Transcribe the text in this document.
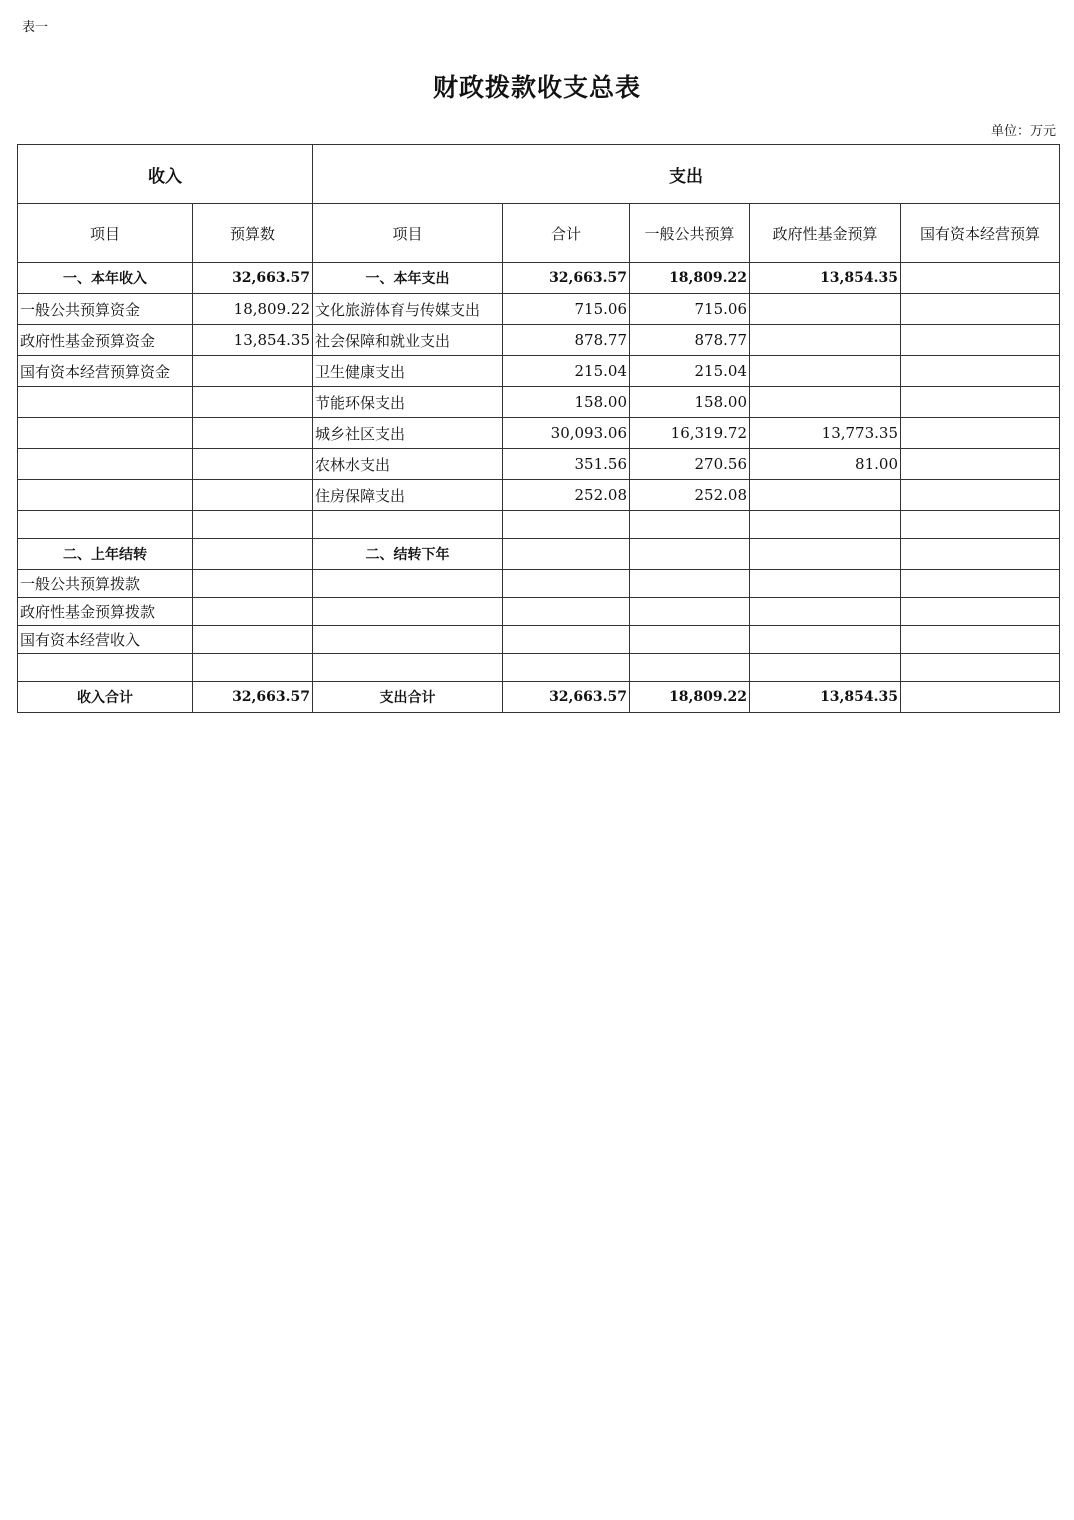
表一
财政拨款收支总表
单位：万元
收入		支出				
项目	预算数	项目	合计	一般公共预算	政府性基金预算	国有资本经营预算
一、本年收入	32,663.57	一、本年支出	32,663.57	18,809.22	13,854.35	
一般公共预算资金	18,809.22	文化旅游体育与传媒支出	715.06	715.06		
政府性基金预算资金	13,854.35	社会保障和就业支出	878.77	878.77		
国有资本经营预算资金		卫生健康支出	215.04	215.04		
		节能环保支出	158.00	158.00		
		城乡社区支出	30,093.06	16,319.72	13,773.35	
		农林水支出	351.56	270.56	81.00	
		住房保障支出	252.08	252.08		

二、上年结转		二、结转下年				
一般公共预算拨款						
政府性基金预算拨款						
国有资本经营收入						

收入合计	32,663.57	支出合计	32,663.57	18,809.22	13,854.35	
